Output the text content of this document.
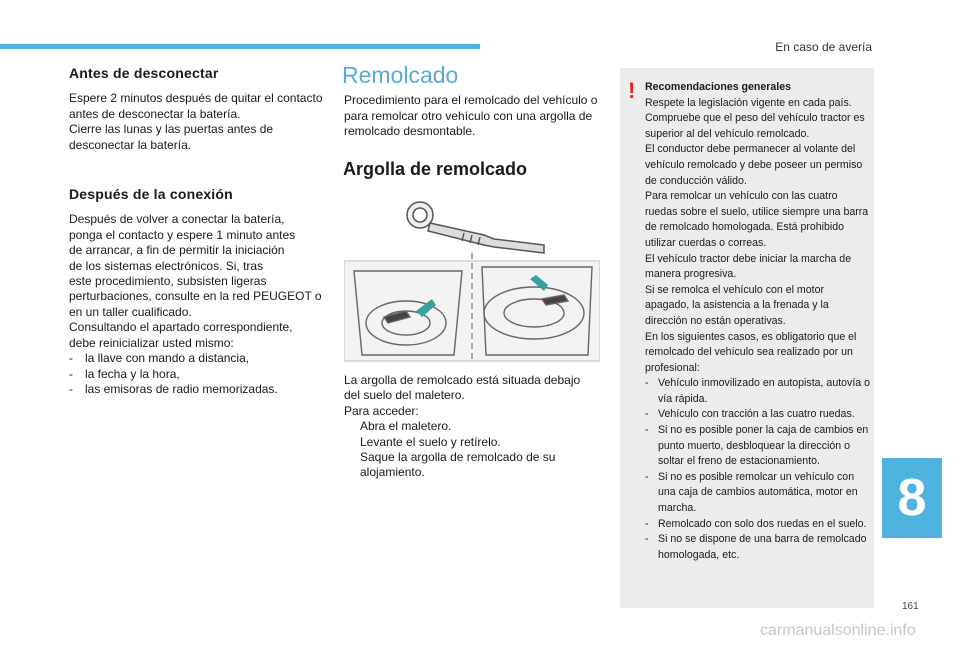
En caso de avería
Antes de desconectar

Espere 2 minutos después de quitar el contacto

antes de desconectar la batería.

Cierre las lunas y las puertas antes de

desconectar la batería.

Después de la conexión

Después de volver a conectar la batería,

ponga el contacto y espere 1 minuto antes

de arrancar, a fin de permitir la iniciación

de los sistemas electrónicos. Si, tras

este procedimiento, subsisten ligeras

perturbaciones, consulte en la red PEUGEOT o

en un taller cualificado.

Consultando el apartado correspondiente,

debe reinicializar usted mismo:

-	la llave con mando a distancia,
-	la fecha y la hora,
-	las emisoras de radio memorizadas.
Remolcado

Procedimiento para el remolcado del vehículo o

para remolcar otro vehículo con una argolla de

remolcado desmontable.

Argolla de remolcado

La argolla de remolcado está situada debajo

del suelo del maletero.

Para acceder:

Abra el maletero.
Levante el suelo y retírelo.
Saque la argolla de remolcado de su alojamiento.
! Recomendaciones generales

Respete la legislación vigente en cada país.

Compruebe que el peso del vehículo tractor es superior al del vehículo remolcado.

El conductor debe permanecer al volante del vehículo remolcado y debe poseer un permiso de conducción válido.

Para remolcar un vehículo con las cuatro ruedas sobre el suelo, utilice siempre una barra de remolcado homologada. Está prohibido utilizar cuerdas o correas.

El vehículo tractor debe iniciar la marcha de manera progresiva.

Si se remolca el vehículo con el motor apagado, la asistencia a la frenada y la dirección no están operativas.

En los siguientes casos, es obligatorio que el remolcado del vehículo sea realizado por un profesional:

- Vehículo inmovilizado en autopista, autovía o vía rápida.
- Vehículo con tracción a las cuatro ruedas.
- Si no es posible poner la caja de cambios en punto muerto, desbloquear la dirección o soltar el freno de estacionamiento.
- Si no es posible remolcar un vehículo con una caja de cambios automática, motor en marcha.
- Remolcado con solo dos ruedas en el suelo.
- Si no se dispone de una barra de remolcado homologada, etc.
8
161
carmanualsonline.info
